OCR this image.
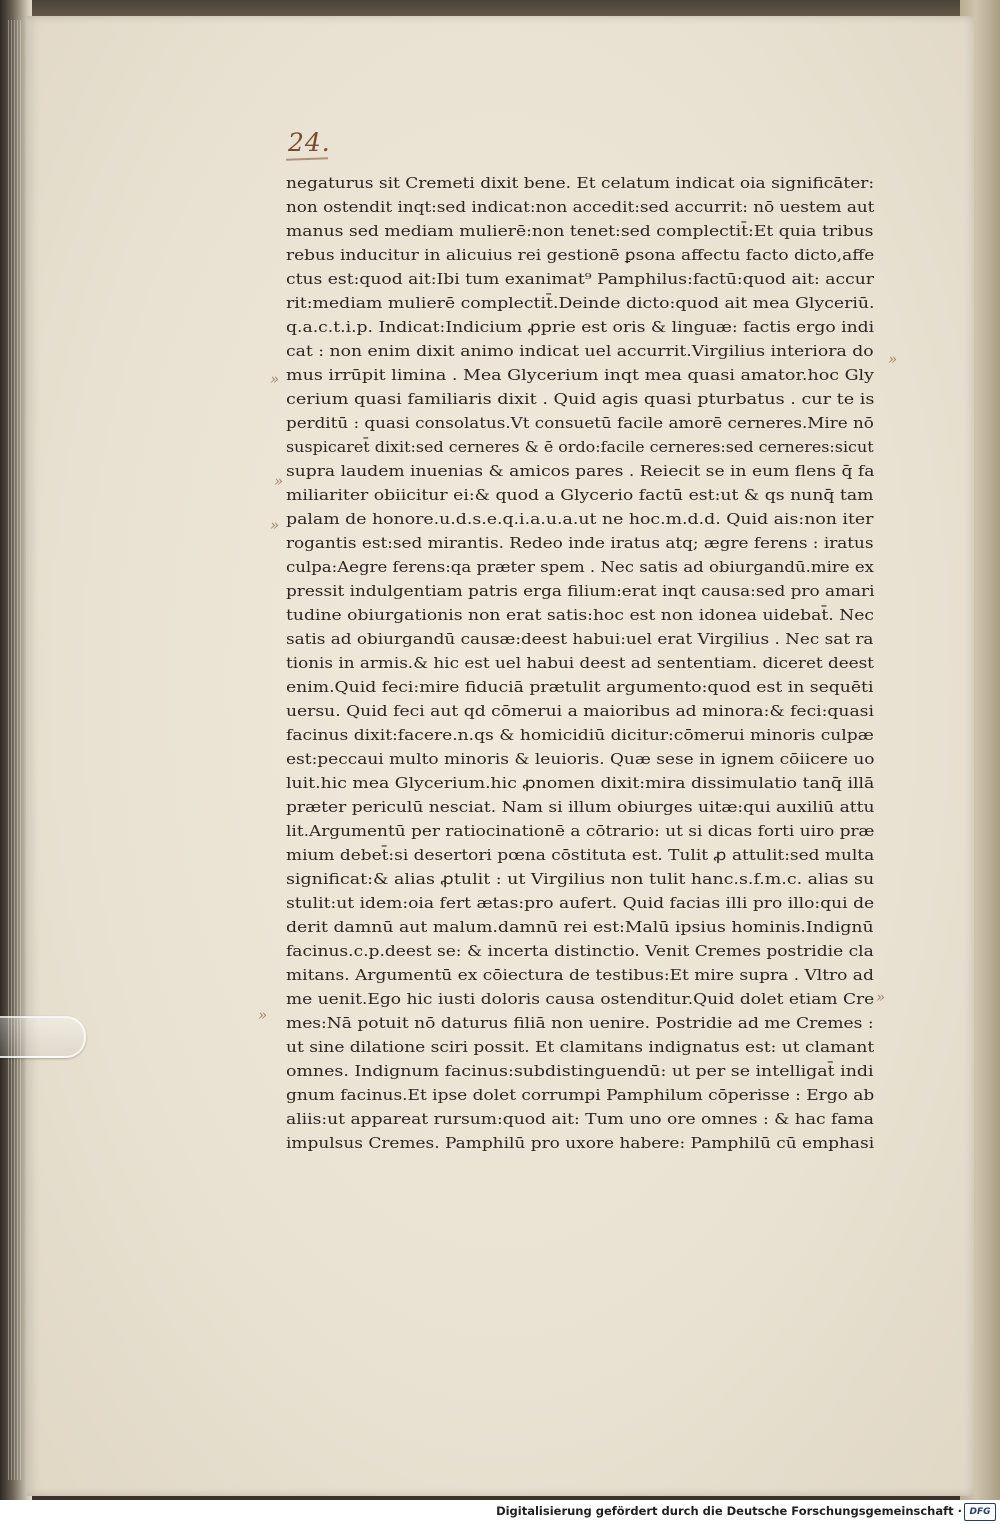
24.
negaturus sit Cremeti dixit bene. Et celatum indicat oia significāter:
non ostendit inqt:sed indicat:non accedit:sed accurrit: nō uestem aut
manus sed mediam mulierē:non tenet:sed complectit̄:Et quia tribus
rebus inducitur in alicuius rei gestionē ꝑsona affectu facto dicto,affe
ctus est:quod ait:Ibi tum exanimat⁹ Pamphilus:factū:quod ait: accur
rit:mediam mulierē complectit̄.Deinde dicto:quod ait mea Glyceriū.
q.a.c.t.i.p. Indicat:Indicium ꝓprie est oris & linguæ: factis ergo indi
cat : non enim dixit animo indicat uel accurrit.Virgilius interiora do
mus irrūpit limina . Mea Glycerium inqt mea quasi amator.hoc Gly
cerium quasi familiaris dixit . Quid agis quasi pturbatus . cur te is
perditū : quasi consolatus.Vt consuetū facile amorē cerneres.Mire nō
suspicaret̄ dixit:sed cerneres & ē ordo:facile cerneres:sed cerneres:sicut
supra laudem inuenias & amicos pares . Reiecit se in eum flens q̄ fa
miliariter obiicitur ei:& quod a Glycerio factū est:ut & qs nunq̄ tam
palam de honore.u.d.s.e.q.i.a.u.a.ut ne hoc.m.d.d. Quid ais:non iter
rogantis est:sed mirantis. Redeo inde iratus atq; ægre ferens : iratus
culpa:Aegre ferens:qa præter spem . Nec satis ad obiurgandū.mire ex
pressit indulgentiam patris erga filium:erat inqt causa:sed pro amari
tudine obiurgationis non erat satis:hoc est non idonea uidebat̄. Nec
satis ad obiurgandū causæ:deest habui:uel erat Virgilius . Nec sat ra
tionis in armis.& hic est uel habui deest ad sententiam. diceret deest
enim.Quid feci:mire fiduciā prætulit argumento:quod est in sequēti
uersu. Quid feci aut qd cōmerui a maioribus ad minora:& feci:quasi
facinus dixit:facere.n.qs & homicidiū dicitur:cōmerui minoris culpæ
est:peccaui multo minoris & leuioris. Quæ sese in ignem cōiicere uo
luit.hic mea Glycerium.hic ꝓnomen dixit:mira dissimulatio tanq̄ illā
præter periculū nesciat. Nam si illum obiurges uitæ:qui auxiliū attu
lit.Argumentū per ratiocinationē a cōtrario: ut si dicas forti uiro præ
mium debet̄:si desertori pœna cōstituta est. Tulit ꝓ attulit:sed multa
significat:& alias ꝓtulit : ut Virgilius non tulit hanc.s.f.m.c. alias su
stulit:ut idem:oia fert ætas:pro aufert. Quid facias illi pro illo:qui de
derit damnū aut malum.damnū rei est:Malū ipsius hominis.Indignū
facinus.c.p.deest se: & incerta distinctio. Venit Cremes postridie cla
mitans. Argumentū ex cōiectura de testibus:Et mire supra . Vltro ad
me uenit.Ego hic iusti doloris causa ostenditur.Quid dolet etiam Cre
mes:Nā potuit nō daturus filiā non uenire. Postridie ad me Cremes :
ut sine dilatione sciri possit. Et clamitans indignatus est: ut clamant
omnes. Indignum facinus:subdistinguendū: ut per se intelligat̄ indi
gnum facinus.Et ipse dolet corrumpi Pamphilum cōperisse : Ergo ab
aliis:ut appareat rursum:quod ait: Tum uno ore omnes : & hac fama
impulsus Cremes. Pamphilū pro uxore habere: Pamphilū cū emphasi
»
»
»
»
»
»
Digitalisierung gefördert durch die Deutsche Forschungsgemeinschaft · DFG
